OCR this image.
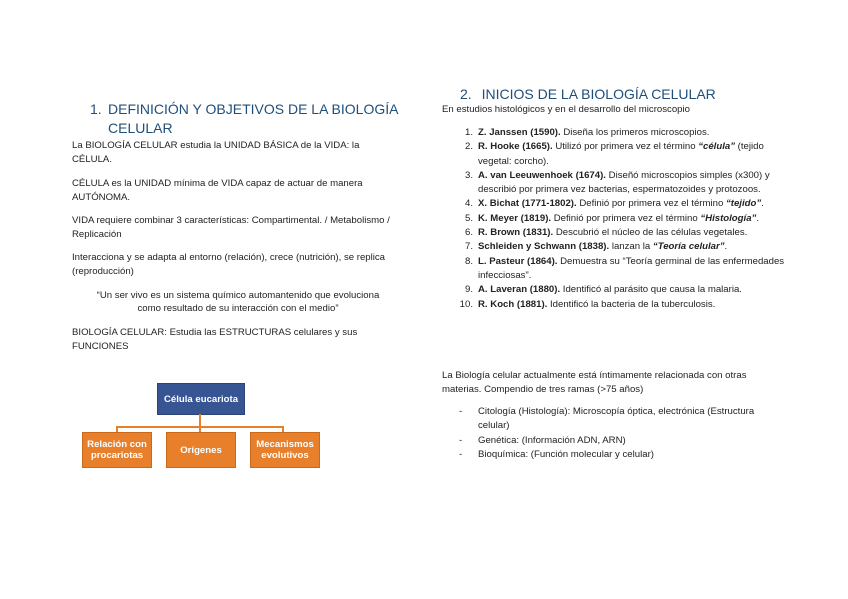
1. DEFINICIÓN Y OBJETIVOS DE LA BIOLOGÍA
CELULAR
La BIOLOGÍA CELULAR estudia la UNIDAD BÁSICA de la VIDA: la CÉLULA.
CÉLULA es la UNIDAD mínima de VIDA capaz de actuar de manera AUTÓNOMA.
VIDA requiere combinar 3 características: Compartimental. / Metabolismo / Replicación
Interacciona y se adapta al entorno (relación), crece (nutrición), se replica (reproducción)
“Un ser vivo es un sistema químico automantenido que evoluciona
como resultado de su interacción con el medio”
BIOLOGÍA CELULAR: Estudia las ESTRUCTURAS celulares y sus FUNCIONES
Célula eucariota
Relación con procariotas	Orígenes	Mecanismos evolutivos
2. INICIOS DE LA BIOLOGÍA CELULAR
En estudios histológicos y en el desarrollo del microscopio
1. Z. Janssen (1590). Diseña los primeros microscopios.
2. R. Hooke (1665). Utilizó por primera vez el término “célula” (tejido vegetal: corcho).
3. A. van Leeuwenhoek (1674). Diseñó microscopios simples (x300) y describió por primera vez bacterias, espermatozoides y protozoos.
4. X. Bichat (1771-1802). Definió por primera vez el término “tejido”.
5. K. Meyer (1819). Definió por primera vez el término “Histología”.
6. R. Brown (1831). Descubrió el núcleo de las células vegetales.
7. Schleiden y Schwann (1838). lanzan la “Teoría celular”.
8. L. Pasteur (1864). Demuestra su “Teoría germinal de las enfermedades infecciosas”.
9. A. Laveran (1880). Identificó al parásito que causa la malaria.
10. R. Koch (1881). Identificó la bacteria de la tuberculosis.
La Biología celular actualmente está íntimamente relacionada con otras materias. Compendio de tres ramas (>75 años)
- Citología (Histología): Microscopía óptica, electrónica (Estructura celular)
- Genética: (Información ADN, ARN)
- Bioquímica: (Función molecular y celular)
